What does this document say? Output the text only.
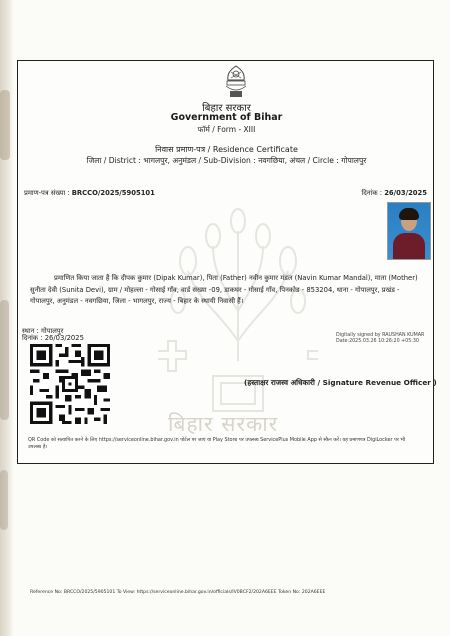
बिहार सरकार
Government of Bihar
फॉर्म / Form - XIII
निवास प्रमाण-पत्र / Residence Certificate
जिला / District : भागलपुर, अनुमंडल / Sub-Division : नवगछिया, अंचल / Circle : गोपालपुर
प्रमाण-पत्र संख्या : BRCCO/2025/5905101	दिनांक : 26/03/2025
बिहार सरकार
प्रमाणित किया जाता है कि दीपक कुमार (Dipak Kumar), पिता (Father) नवीन कुमार मंडल (Navin Kumar Mandal), माता (Mother) सुनीता देवी (Sunita Devi), ग्राम / मोहल्ला - गोसाई गाँव, वार्ड संख्या -09, डाकघर - गोसाई गाँव, पिनकोड - 853204, थाना - गोपालपुर, प्रखंड - गोपालपुर, अनुमंडल - नवगछिया, जिला - भागलपुर, राज्य - बिहार के स्थायी निवासी हैं।
स्थान : गोपालपुर
दिनांक : 26/03/2025	Digitally signed by RAUSHAN KUMAR
Date:2025.03.26 10:26:20 +05:30
(हस्ताक्षर राजस्व अधिकारी / Signature Revenue Officer )
QR Code को सत्यापित करने के लिए https://serviceonline.bihar.gov.in पोर्टल पर जाएं या Play Store पर उपलब्ध ServicePlus Mobile App से स्कैन करें। यह प्रमाणपत्र DigiLocker पर भी उपलब्ध है।
Reference No: BRCCO/2025/5905101 To View: https://serviceonline.bihar.gov.in/officials/IV0BCF2/202A6EEE Token No: 202A6EEE
